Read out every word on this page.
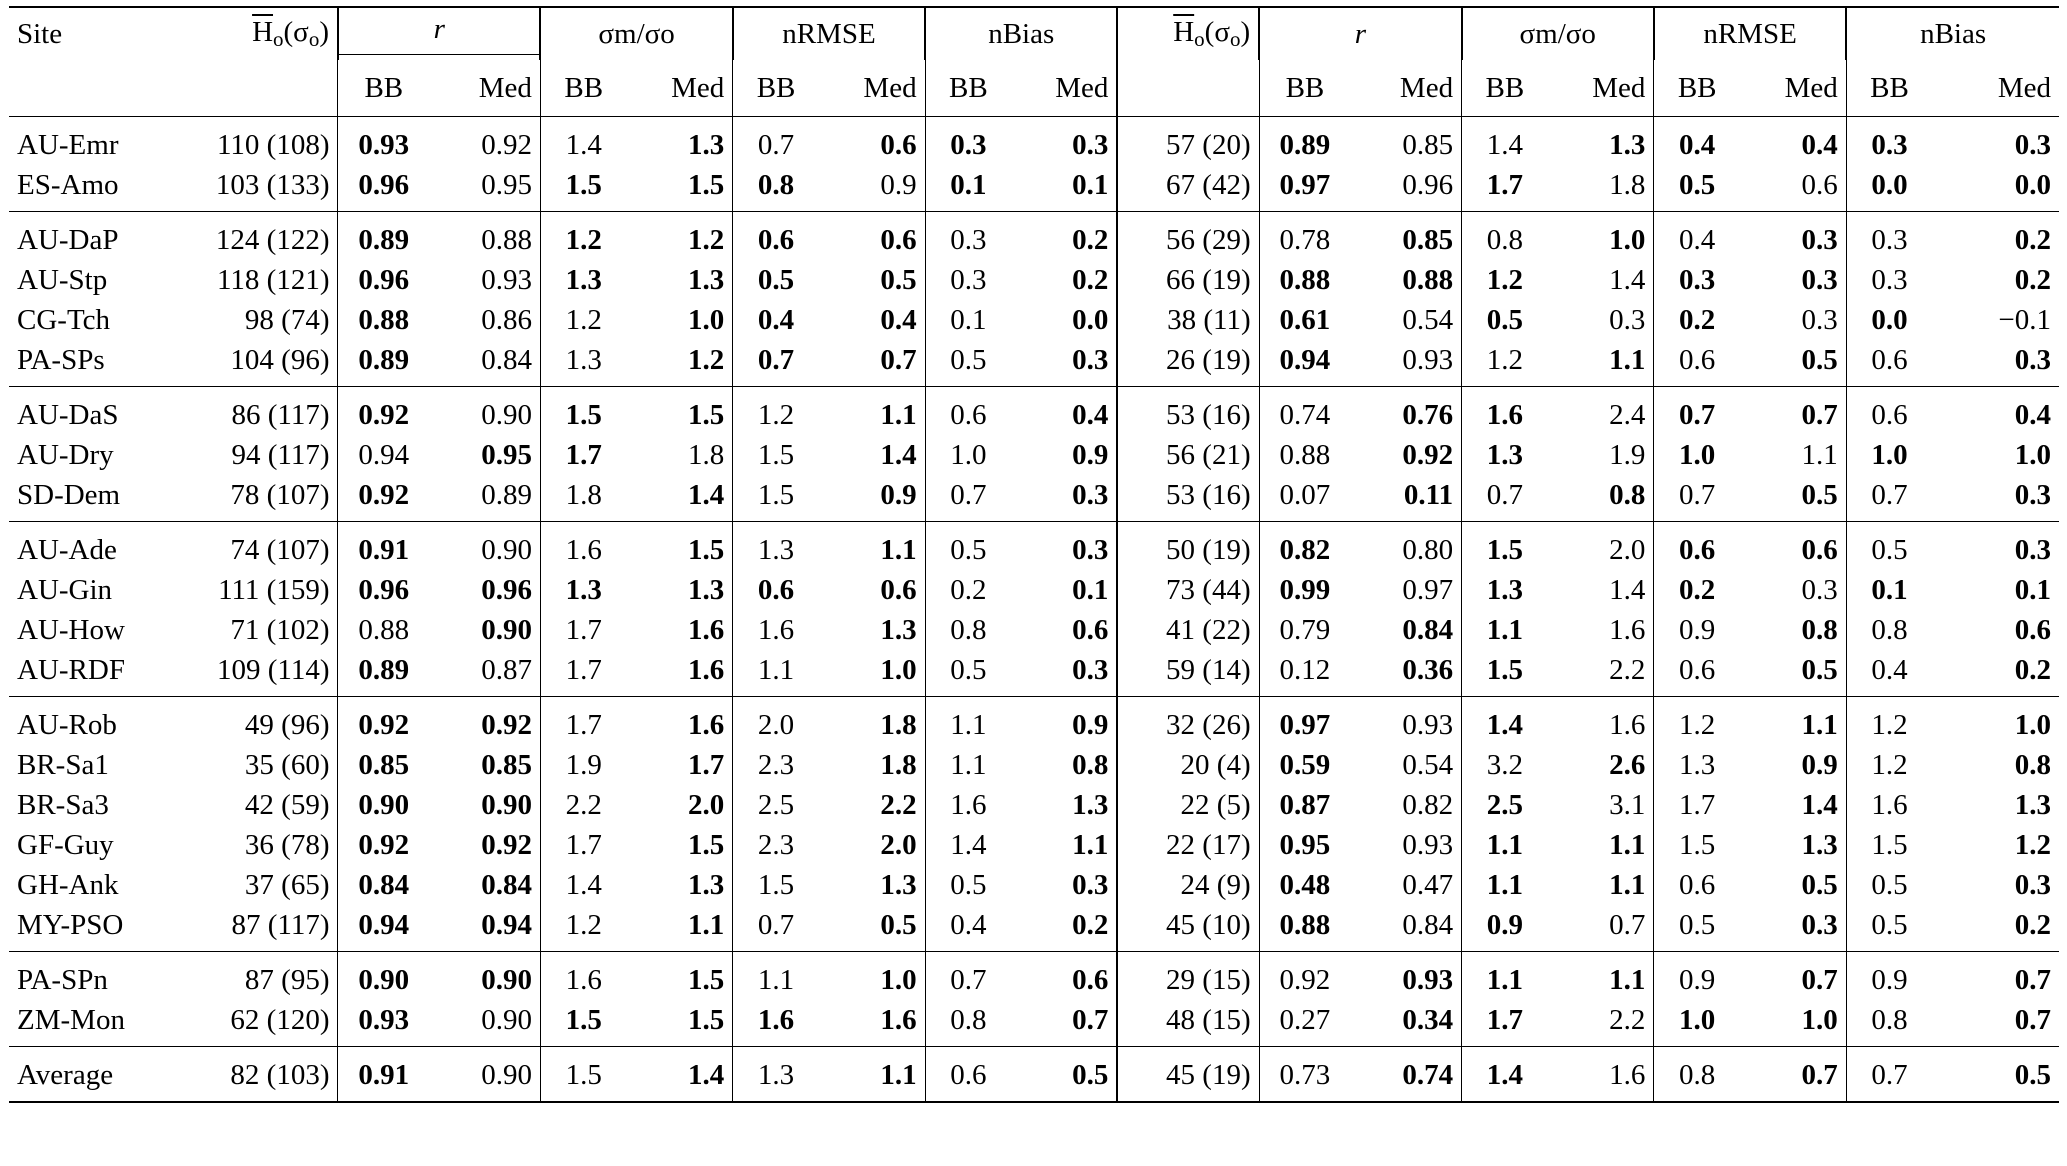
Site	$\overline{H}_o(\sigma_o)$	r		σm/σo		nRMSE		nBias		$\overline{H}_o(\sigma_o)$	r		σm/σo		nRMSE		nBias	
		BB	Med	BB	Med	BB	Med	BB	Med		BB	Med	BB	Med	BB	Med	BB	Med
AU-Emr	110 (108)	0.93	0.92	1.4	1.3	0.7	0.6	0.3	0.3	57 (20)	0.89	0.85	1.4	1.3	0.4	0.4	0.3	0.3
ES-Amo	103 (133)	0.96	0.95	1.5	1.5	0.8	0.9	0.1	0.1	67 (42)	0.97	0.96	1.7	1.8	0.5	0.6	0.0	0.0
AU-DaP	124 (122)	0.89	0.88	1.2	1.2	0.6	0.6	0.3	0.2	56 (29)	0.78	0.85	0.8	1.0	0.4	0.3	0.3	0.2
AU-Stp	118 (121)	0.96	0.93	1.3	1.3	0.5	0.5	0.3	0.2	66 (19)	0.88	0.88	1.2	1.4	0.3	0.3	0.3	0.2
CG-Tch	98 (74)	0.88	0.86	1.2	1.0	0.4	0.4	0.1	0.0	38 (11)	0.61	0.54	0.5	0.3	0.2	0.3	0.0	−0.1
PA-SPs	104 (96)	0.89	0.84	1.3	1.2	0.7	0.7	0.5	0.3	26 (19)	0.94	0.93	1.2	1.1	0.6	0.5	0.6	0.3
AU-DaS	86 (117)	0.92	0.90	1.5	1.5	1.2	1.1	0.6	0.4	53 (16)	0.74	0.76	1.6	2.4	0.7	0.7	0.6	0.4
AU-Dry	94 (117)	0.94	0.95	1.7	1.8	1.5	1.4	1.0	0.9	56 (21)	0.88	0.92	1.3	1.9	1.0	1.1	1.0	1.0
SD-Dem	78 (107)	0.92	0.89	1.8	1.4	1.5	0.9	0.7	0.3	53 (16)	0.07	0.11	0.7	0.8	0.7	0.5	0.7	0.3
AU-Ade	74 (107)	0.91	0.90	1.6	1.5	1.3	1.1	0.5	0.3	50 (19)	0.82	0.80	1.5	2.0	0.6	0.6	0.5	0.3
AU-Gin	111 (159)	0.96	0.96	1.3	1.3	0.6	0.6	0.2	0.1	73 (44)	0.99	0.97	1.3	1.4	0.2	0.3	0.1	0.1
AU-How	71 (102)	0.88	0.90	1.7	1.6	1.6	1.3	0.8	0.6	41 (22)	0.79	0.84	1.1	1.6	0.9	0.8	0.8	0.6
AU-RDF	109 (114)	0.89	0.87	1.7	1.6	1.1	1.0	0.5	0.3	59 (14)	0.12	0.36	1.5	2.2	0.6	0.5	0.4	0.2
AU-Rob	49 (96)	0.92	0.92	1.7	1.6	2.0	1.8	1.1	0.9	32 (26)	0.97	0.93	1.4	1.6	1.2	1.1	1.2	1.0
BR-Sa1	35 (60)	0.85	0.85	1.9	1.7	2.3	1.8	1.1	0.8	20 (4)	0.59	0.54	3.2	2.6	1.3	0.9	1.2	0.8
BR-Sa3	42 (59)	0.90	0.90	2.2	2.0	2.5	2.2	1.6	1.3	22 (5)	0.87	0.82	2.5	3.1	1.7	1.4	1.6	1.3
GF-Guy	36 (78)	0.92	0.92	1.7	1.5	2.3	2.0	1.4	1.1	22 (17)	0.95	0.93	1.1	1.1	1.5	1.3	1.5	1.2
GH-Ank	37 (65)	0.84	0.84	1.4	1.3	1.5	1.3	0.5	0.3	24 (9)	0.48	0.47	1.1	1.1	0.6	0.5	0.5	0.3
MY-PSO	87 (117)	0.94	0.94	1.2	1.1	0.7	0.5	0.4	0.2	45 (10)	0.88	0.84	0.9	0.7	0.5	0.3	0.5	0.2
PA-SPn	87 (95)	0.90	0.90	1.6	1.5	1.1	1.0	0.7	0.6	29 (15)	0.92	0.93	1.1	1.1	0.9	0.7	0.9	0.7
ZM-Mon	62 (120)	0.93	0.90	1.5	1.5	1.6	1.6	0.8	0.7	48 (15)	0.27	0.34	1.7	2.2	1.0	1.0	0.8	0.7
Average	82 (103)	0.91	0.90	1.5	1.4	1.3	1.1	0.6	0.5	45 (19)	0.73	0.74	1.4	1.6	0.8	0.7	0.7	0.5
